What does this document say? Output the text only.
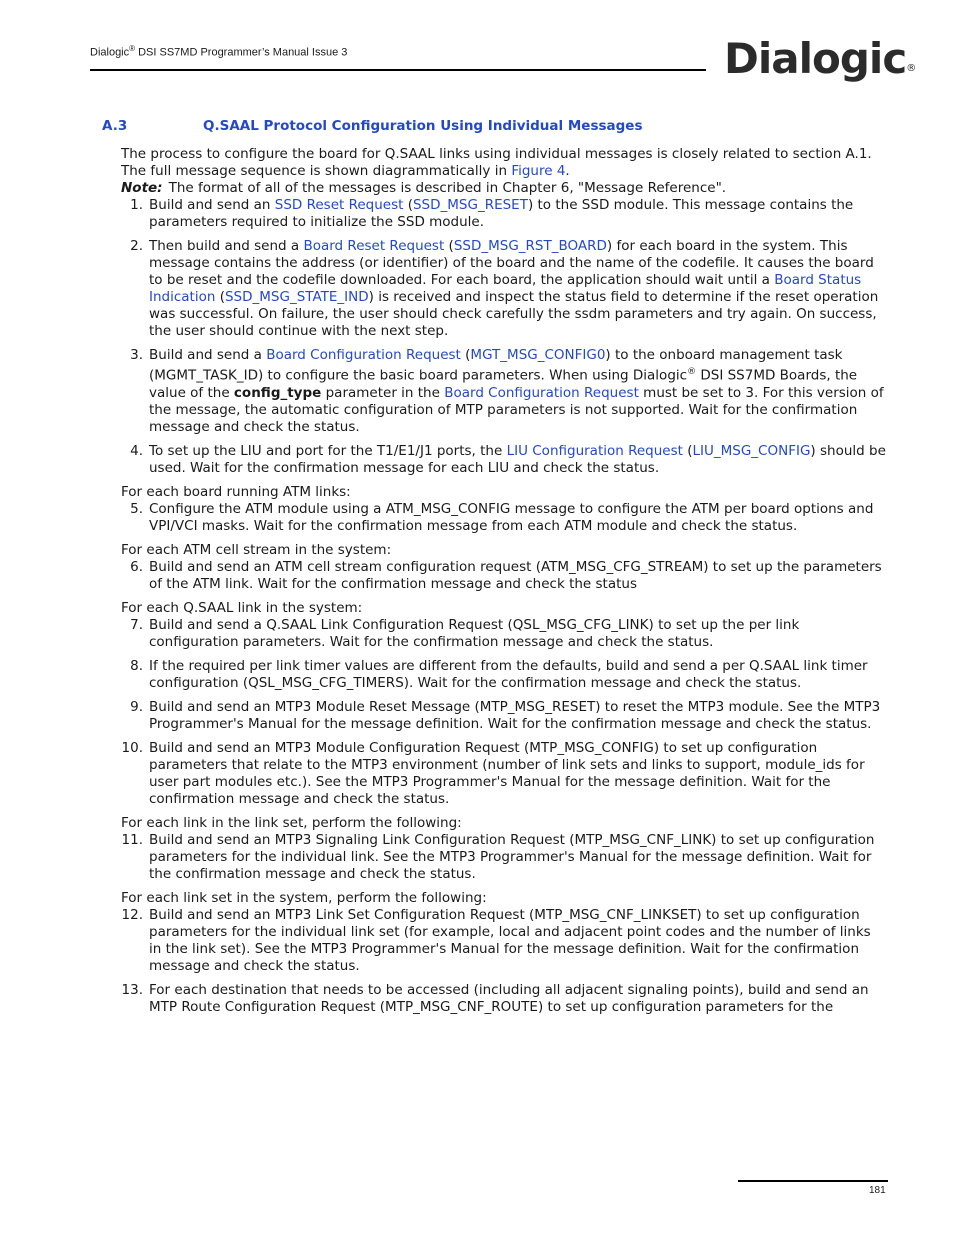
Dialogic® DSI SS7MD Programmer’s Manual Issue 3	Dialogic®
A.3	Q.SAAL Protocol Configuration Using Individual Messages

The process to configure the board for Q.SAAL links using individual messages is closely related to section A.1. The full message sequence is shown diagrammatically in Figure 4.

Note: The format of all of the messages is described in Chapter 6, "Message Reference".

1. Build and send an SSD Reset Request (SSD_MSG_RESET) to the SSD module. This message contains the parameters required to initialize the SSD module.
2. Then build and send a Board Reset Request (SSD_MSG_RST_BOARD) for each board in the system. This message contains the address (or identifier) of the board and the name of the codefile. It causes the board to be reset and the codefile downloaded. For each board, the application should wait until a Board Status Indication (SSD_MSG_STATE_IND) is received and inspect the status field to determine if the reset operation was successful. On failure, the user should check carefully the ssdm parameters and try again. On success, the user should continue with the next step.
3. Build and send a Board Configuration Request (MGT_MSG_CONFIG0) to the onboard management task (MGMT_TASK_ID) to configure the basic board parameters. When using Dialogic® DSI SS7MD Boards, the value of the config_type parameter in the Board Configuration Request must be set to 3. For this version of the message, the automatic configuration of MTP parameters is not supported. Wait for the confirmation message and check the status.
4. To set up the LIU and port for the T1/E1/J1 ports, the LIU Configuration Request (LIU_MSG_CONFIG) should be used. Wait for the confirmation message for each LIU and check the status.

For each board running ATM links:

5. Configure the ATM module using a ATM_MSG_CONFIG message to configure the ATM per board options and VPI/VCI masks. Wait for the confirmation message from each ATM module and check the status.

For each ATM cell stream in the system:

6. Build and send an ATM cell stream configuration request (ATM_MSG_CFG_STREAM) to set up the parameters of the ATM link. Wait for the confirmation message and check the status

For each Q.SAAL link in the system:

7. Build and send a Q.SAAL Link Configuration Request (QSL_MSG_CFG_LINK) to set up the per link configuration parameters. Wait for the confirmation message and check the status.
8. If the required per link timer values are different from the defaults, build and send a per Q.SAAL link timer configuration (QSL_MSG_CFG_TIMERS). Wait for the confirmation message and check the status.
9. Build and send an MTP3 Module Reset Message (MTP_MSG_RESET) to reset the MTP3 module. See the MTP3 Programmer's Manual for the message definition. Wait for the confirmation message and check the status.
10. Build and send an MTP3 Module Configuration Request (MTP_MSG_CONFIG) to set up configuration parameters that relate to the MTP3 environment (number of link sets and links to support, module_ids for user part modules etc.). See the MTP3 Programmer's Manual for the message definition. Wait for the confirmation message and check the status.

For each link in the link set, perform the following:

11. Build and send an MTP3 Signaling Link Configuration Request (MTP_MSG_CNF_LINK) to set up configuration parameters for the individual link. See the MTP3 Programmer's Manual for the message definition. Wait for the confirmation message and check the status.

For each link set in the system, perform the following:

12. Build and send an MTP3 Link Set Configuration Request (MTP_MSG_CNF_LINKSET) to set up configuration parameters for the individual link set (for example, local and adjacent point codes and the number of links in the link set). See the MTP3 Programmer's Manual for the message definition. Wait for the confirmation message and check the status.
13. For each destination that needs to be accessed (including all adjacent signaling points), build and send an MTP Route Configuration Request (MTP_MSG_CNF_ROUTE) to set up configuration parameters for the
181
